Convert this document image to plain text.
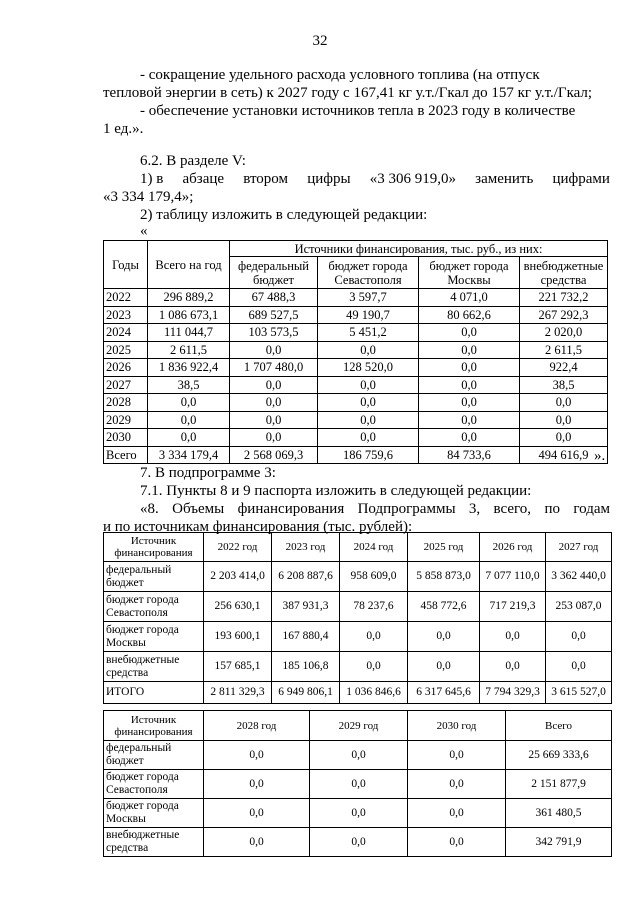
32
- сокращение удельного расхода условного топлива (на отпуск
тепловой энергии в сеть) к 2027 году с 167,41 кг у.т./Гкал до 157 кг у.т./Гкал;
- обеспечение установки источников тепла в 2023 году в количестве
1 ед.».
6.2. В разделе V:
1) в абзаце втором цифры «3 306 919,0» заменить цифрами
«3 334 179,4»;
2) таблицу изложить в следующей редакции:
«
Годы	Всего на год	Источники финансирования, тыс. руб., из них:			
		федеральный бюджет	бюджет города Севастополя	бюджет города Москвы	внебюджетные средства
2022	296 889,2	67 488,3	3 597,7	4 071,0	221 732,2
2023	1 086 673,1	689 527,5	49 190,7	80 662,6	267 292,3
2024	111 044,7	103 573,5	5 451,2	0,0	2 020,0
2025	2 611,5	0,0	0,0	0,0	2 611,5
2026	1 836 922,4	1 707 480,0	128 520,0	0,0	922,4
2027	38,5	0,0	0,0	0,0	38,5
2028	0,0	0,0	0,0	0,0	0,0
2029	0,0	0,0	0,0	0,0	0,0
2030	0,0	0,0	0,0	0,0	0,0
Всего	3 334 179,4	2 568 069,3	186 759,6	84 733,6	494 616,9 ».
7. В подпрограмме 3:
7.1. Пункты 8 и 9 паспорта изложить в следующей редакции:
«8. Объемы финансирования Подпрограммы 3, всего, по годам
и по источникам финансирования (тыс. рублей):
Источник финансирования	2022 год	2023 год	2024 год	2025 год	2026 год	2027 год
федеральный бюджет	2 203 414,0	6 208 887,6	958 609,0	5 858 873,0	7 077 110,0	3 362 440,0
бюджет города Севастополя	256 630,1	387 931,3	78 237,6	458 772,6	717 219,3	253 087,0
бюджет города Москвы	193 600,1	167 880,4	0,0	0,0	0,0	0,0
внебюджетные средства	157 685,1	185 106,8	0,0	0,0	0,0	0,0
ИТОГО	2 811 329,3	6 949 806,1	1 036 846,6	6 317 645,6	7 794 329,3	3 615 527,0
Источник финансирования	2028 год	2029 год	2030 год	Всего
федеральный бюджет	0,0	0,0	0,0	25 669 333,6
бюджет города Севастополя	0,0	0,0	0,0	2 151 877,9
бюджет города Москвы	0,0	0,0	0,0	361 480,5
внебюджетные средства	0,0	0,0	0,0	342 791,9
